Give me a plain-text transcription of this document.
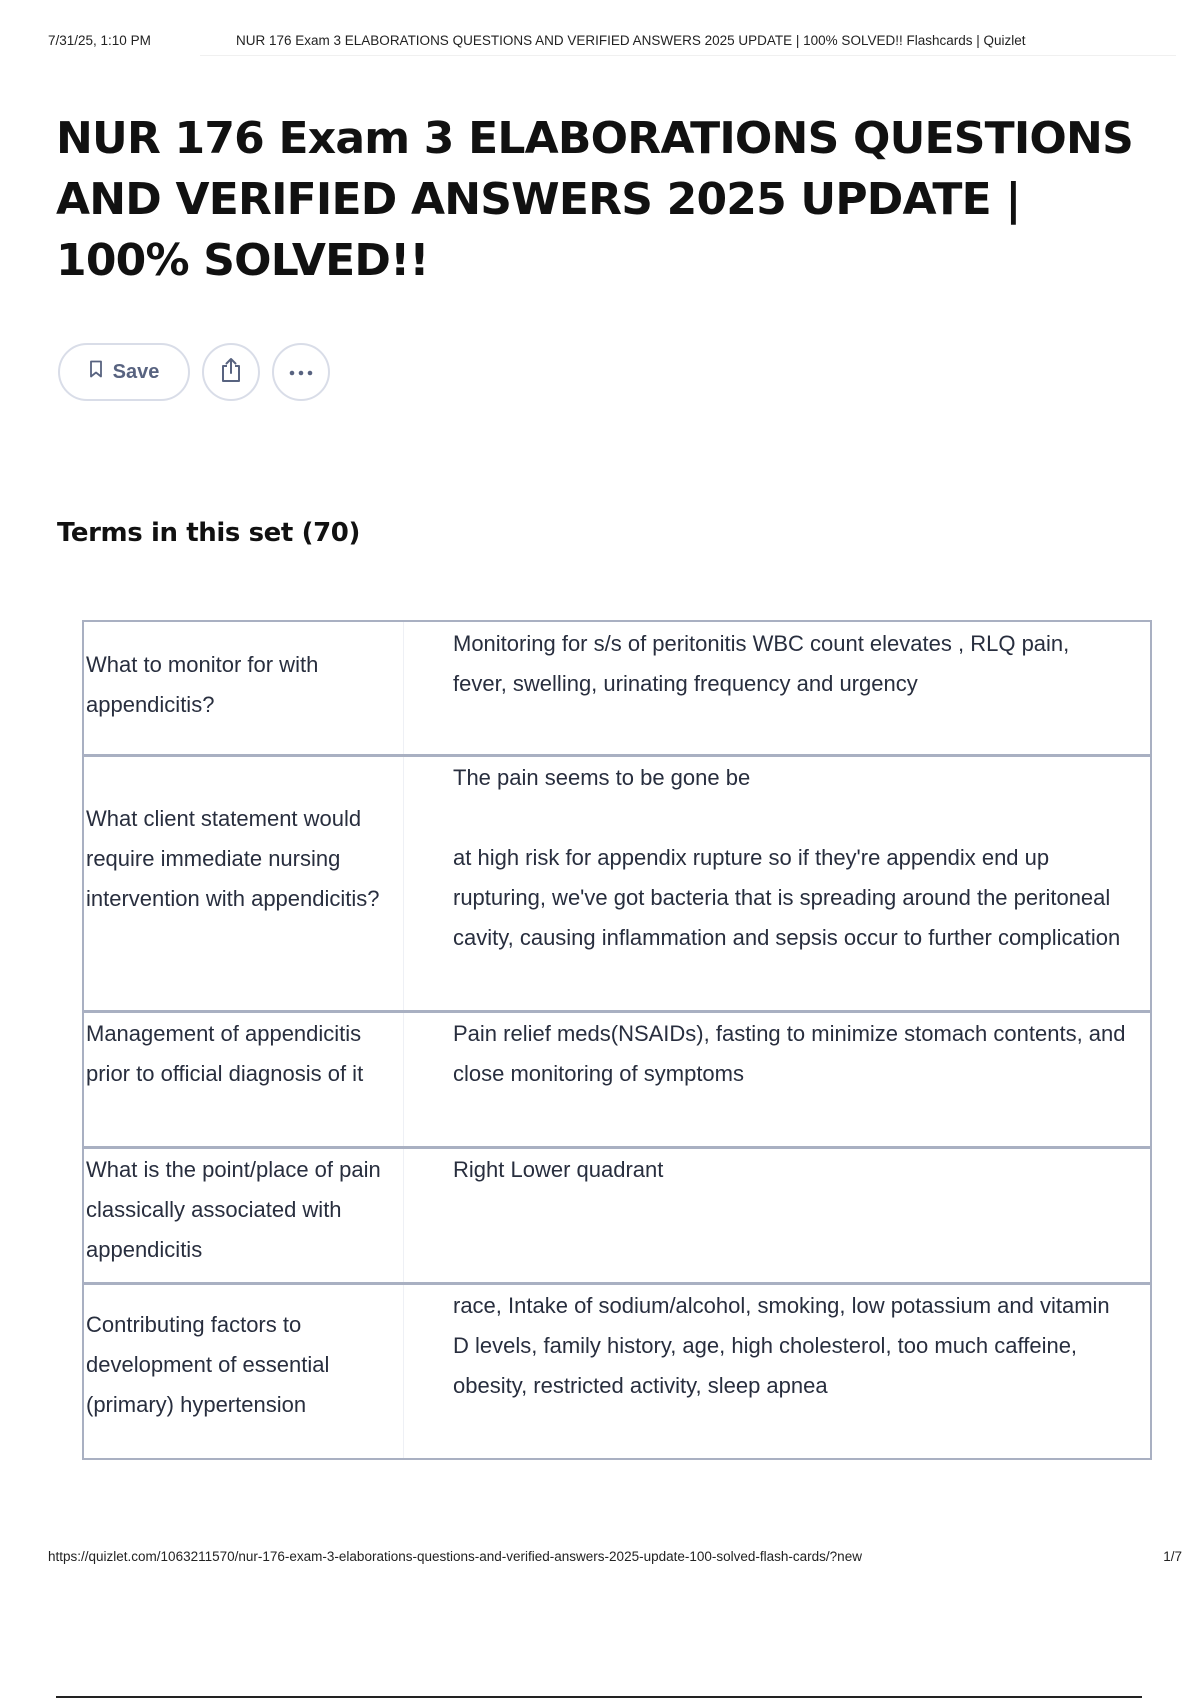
7/31/25, 1:10 PM	NUR 176 Exam 3 ELABORATIONS QUESTIONS AND VERIFIED ANSWERS 2025 UPDATE | 100% SOLVED!! Flashcards | Quizlet
NUR 176 Exam 3 ELABORATIONS QUESTIONS AND VERIFIED ANSWERS 2025 UPDATE | 100% SOLVED!!
Save
Terms in this set (70)
What to monitor for with appendicitis?
Monitoring for s/s of peritonitis WBC count elevates , RLQ pain, fever, swelling, urinating frequency and urgency
What client statement would require immediate nursing intervention with appendicitis?
The pain seems to be gone be

at high risk for appendix rupture so if they're appendix end up rupturing, we've got bacteria that is spreading around the peritoneal cavity, causing inflammation and sepsis occur to further complication
Management of appendicitis prior to official diagnosis of it
Pain relief meds(NSAIDs), fasting to minimize stomach contents, and close monitoring of symptoms
What is the point/place of pain classically associated with appendicitis
Right Lower quadrant
Contributing factors to development of essential (primary) hypertension
race, Intake of sodium/alcohol, smoking, low potassium and vitamin D levels, family history, age, high cholesterol, too much caffeine, obesity, restricted activity, sleep apnea
https://quizlet.com/1063211570/nur-176-exam-3-elaborations-questions-and-verified-answers-2025-update-100-solved-flash-cards/?new	1/7
